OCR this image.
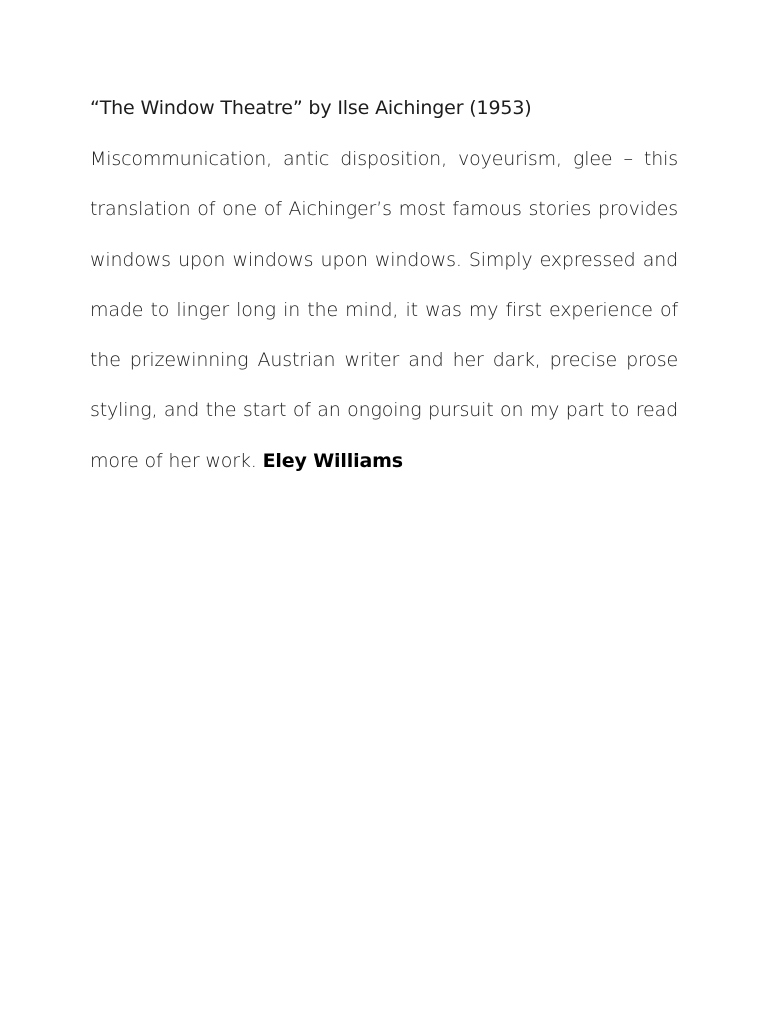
“The Window Theatre” by Ilse Aichinger (1953)

Miscommunication, antic disposition, voyeurism, glee – this translation of one of Aichinger’s most famous stories provides windows upon windows upon windows. Simply expressed and made to linger long in the mind, it was my first experience of the prizewinning Austrian writer and her dark, precise prose styling, and the start of an ongoing pursuit on my part to read more of her work. Eley Williams
